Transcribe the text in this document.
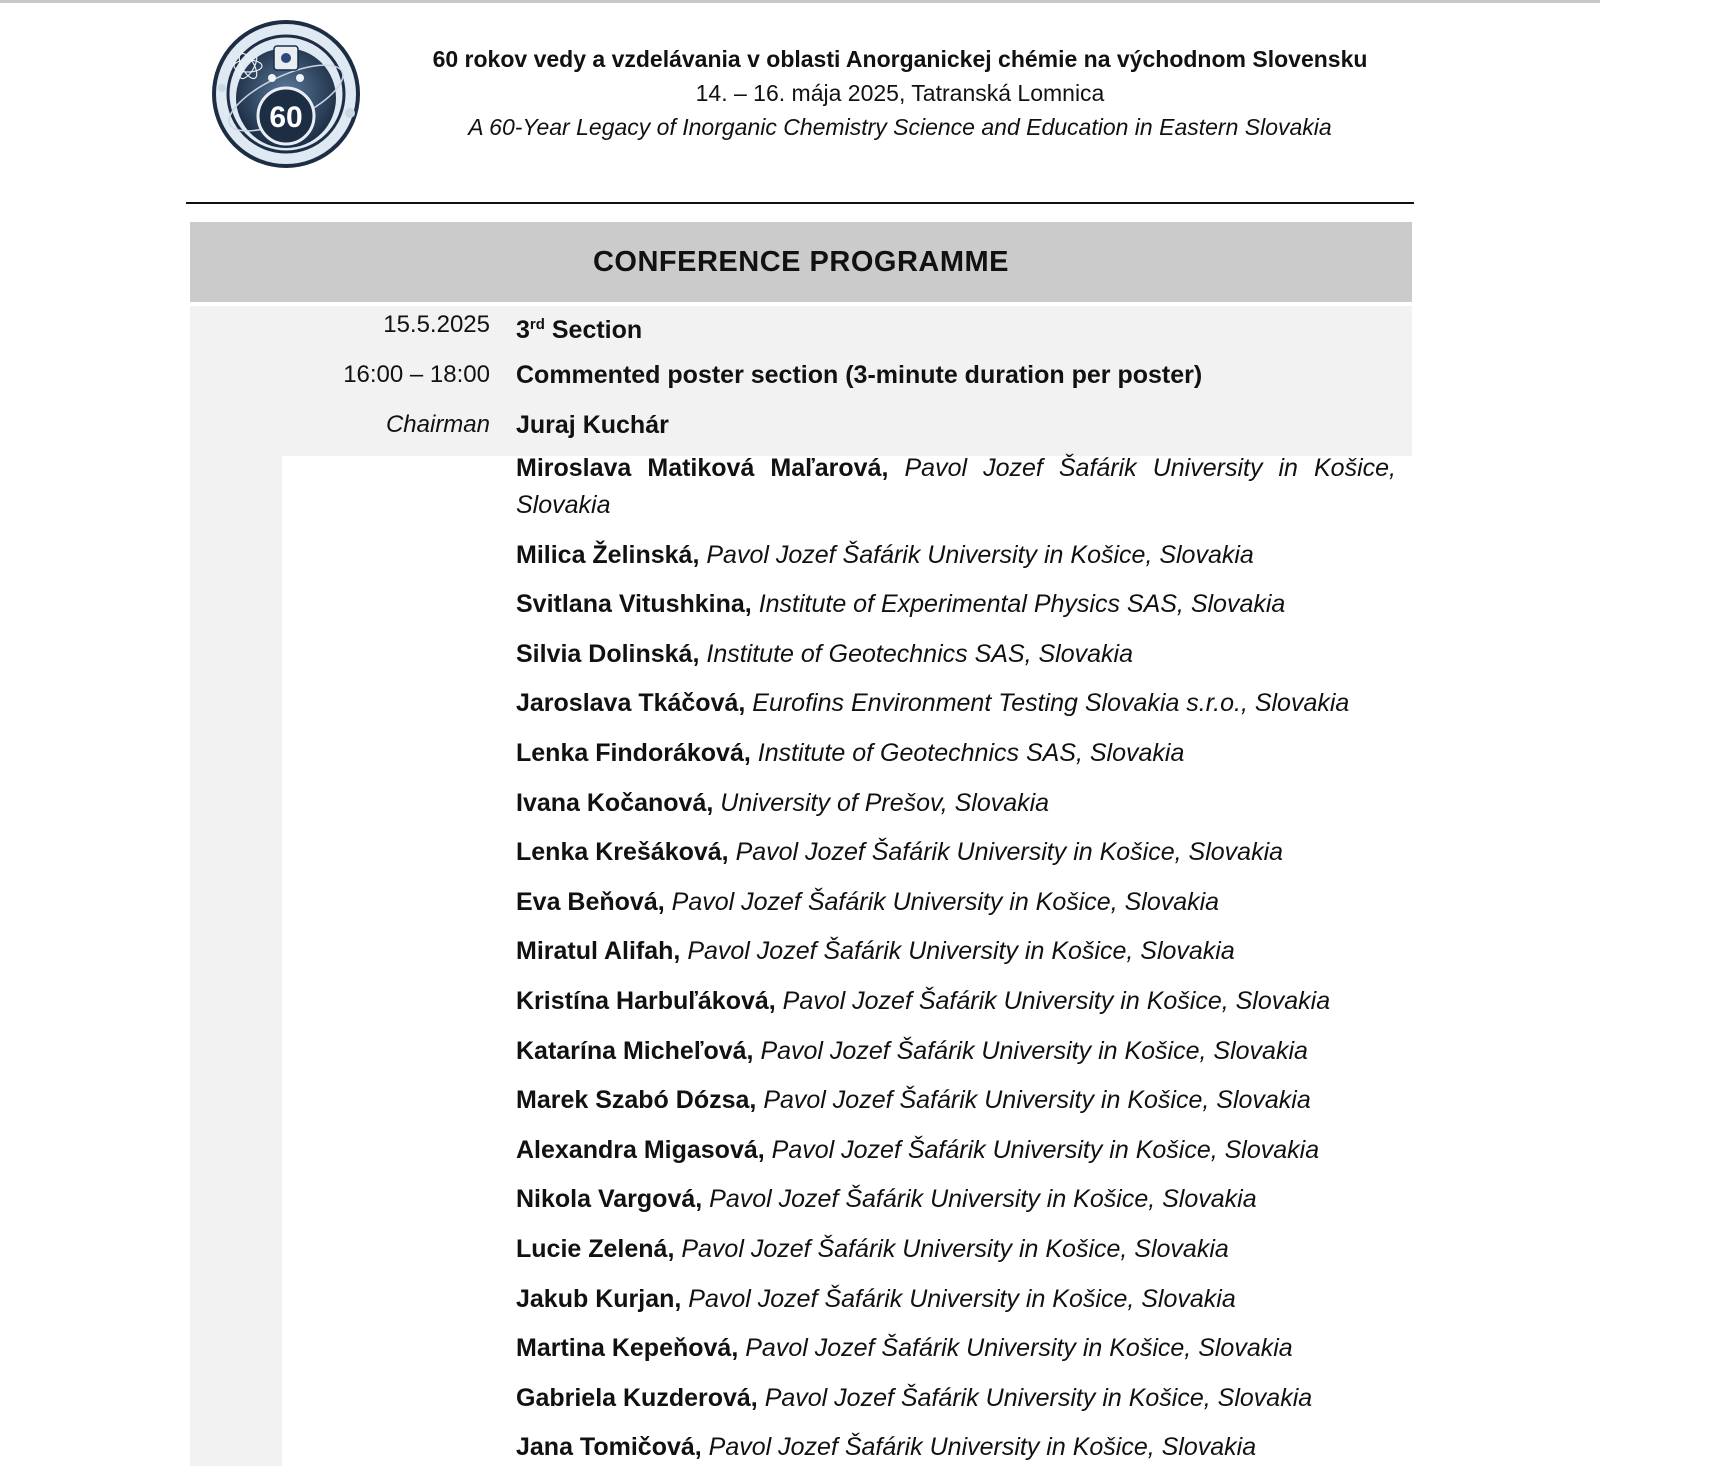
60
60 rokov vedy a vzdelávania v oblasti Anorganickej chémie na východnom Slovensku
14. – 16. mája 2025, Tatranská Lomnica
A 60-Year Legacy of Inorganic Chemistry Science and Education in Eastern Slovakia
CONFERENCE PROGRAMME
15.5.2025 3rd Section
16:00 – 18:00 Commented poster section (3-minute duration per poster)
Chairman Juraj Kuchár
Miroslava Matiková Maľarová, Pavol Jozef Šafárik University in Košice, Slovakia
Milica Želinská, Pavol Jozef Šafárik University in Košice, Slovakia
Svitlana Vitushkina, Institute of Experimental Physics SAS, Slovakia
Silvia Dolinská, Institute of Geotechnics SAS, Slovakia
Jaroslava Tkáčová, Eurofins Environment Testing Slovakia s.r.o., Slovakia
Lenka Findoráková, Institute of Geotechnics SAS, Slovakia
Ivana Kočanová, University of Prešov, Slovakia
Lenka Krešáková, Pavol Jozef Šafárik University in Košice, Slovakia
Eva Beňová, Pavol Jozef Šafárik University in Košice, Slovakia
Miratul Alifah, Pavol Jozef Šafárik University in Košice, Slovakia
Kristína Harbuľáková, Pavol Jozef Šafárik University in Košice, Slovakia
Katarína Micheľová, Pavol Jozef Šafárik University in Košice, Slovakia
Marek Szabó Dózsa, Pavol Jozef Šafárik University in Košice, Slovakia
Alexandra Migasová, Pavol Jozef Šafárik University in Košice, Slovakia
Nikola Vargová, Pavol Jozef Šafárik University in Košice, Slovakia
Lucie Zelená, Pavol Jozef Šafárik University in Košice, Slovakia
Jakub Kurjan, Pavol Jozef Šafárik University in Košice, Slovakia
Martina Kepeňová, Pavol Jozef Šafárik University in Košice, Slovakia
Gabriela Kuzderová, Pavol Jozef Šafárik University in Košice, Slovakia
Jana Tomičová, Pavol Jozef Šafárik University in Košice, Slovakia
